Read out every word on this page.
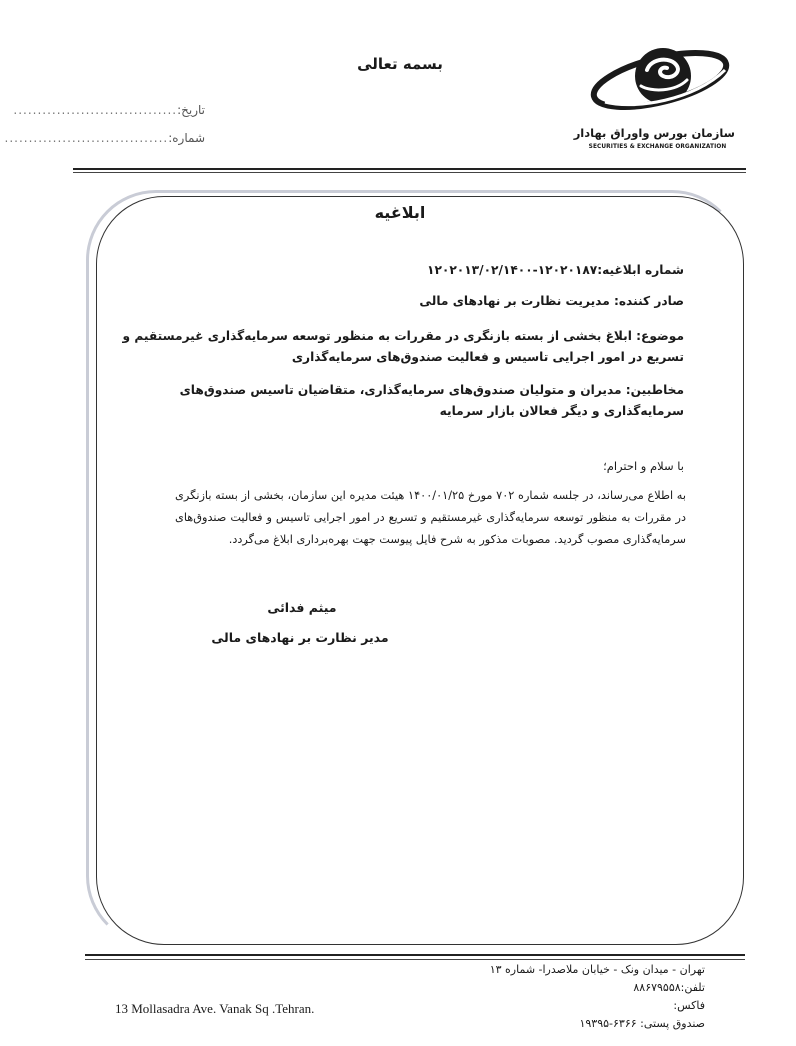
بسمه تعالی
تاریخ:..................................
شماره:..................................	سازمان بورس واوراق بهادار
SECURITIES & EXCHANGE ORGANIZATION
ابلاغیه
شماره ابلاغیه:۱۲۰۲۰۱۸۷-۱۲۰۲۰۱۳/۰۲/۱۴۰۰
صادر کننده: مدیریت نظارت بر نهادهای مالی
موضوع: ابلاغ بخشی از بسته بازنگری در مقررات به منظور توسعه سرمایه‌گذاری غیرمستقیم و تسریع در امور اجرایی تاسیس و فعالیت صندوق‌های سرمایه‌گذاری
مخاطبین: مدیران و متولیان صندوق‌های سرمایه‌گذاری، متقاضیان تاسیس صندوق‌های سرمایه‌گذاری و دیگر فعالان بازار سرمایه
با سلام و احترام؛
به اطلاع می‌رساند، در جلسه شماره ۷۰۲ مورخ ۱۴۰۰/۰۱/۲۵ هیئت مدیره این سازمان، بخشی از بسته بازنگری در مقررات به منظور توسعه سرمایه‌گذاری غیرمستقیم و تسریع در امور اجرایی تاسیس و فعالیت صندوق‌های سرمایه‌گذاری مصوب گردید. مصوبات مذکور به شرح فایل پیوست جهت بهره‌برداری ابلاغ می‌گردد.
میثم فدائی
مدیر نظارت بر نهادهای مالی
تهران - میدان ونک - خیابان ملاصدرا- شماره ۱۳
تلفن:۸۸۶۷۹۵۵۸
فاکس:
صندوق پستی: ۶۳۶۶-۱۹۳۹۵
13 Mollasadra Ave. Vanak Sq .Tehran.
